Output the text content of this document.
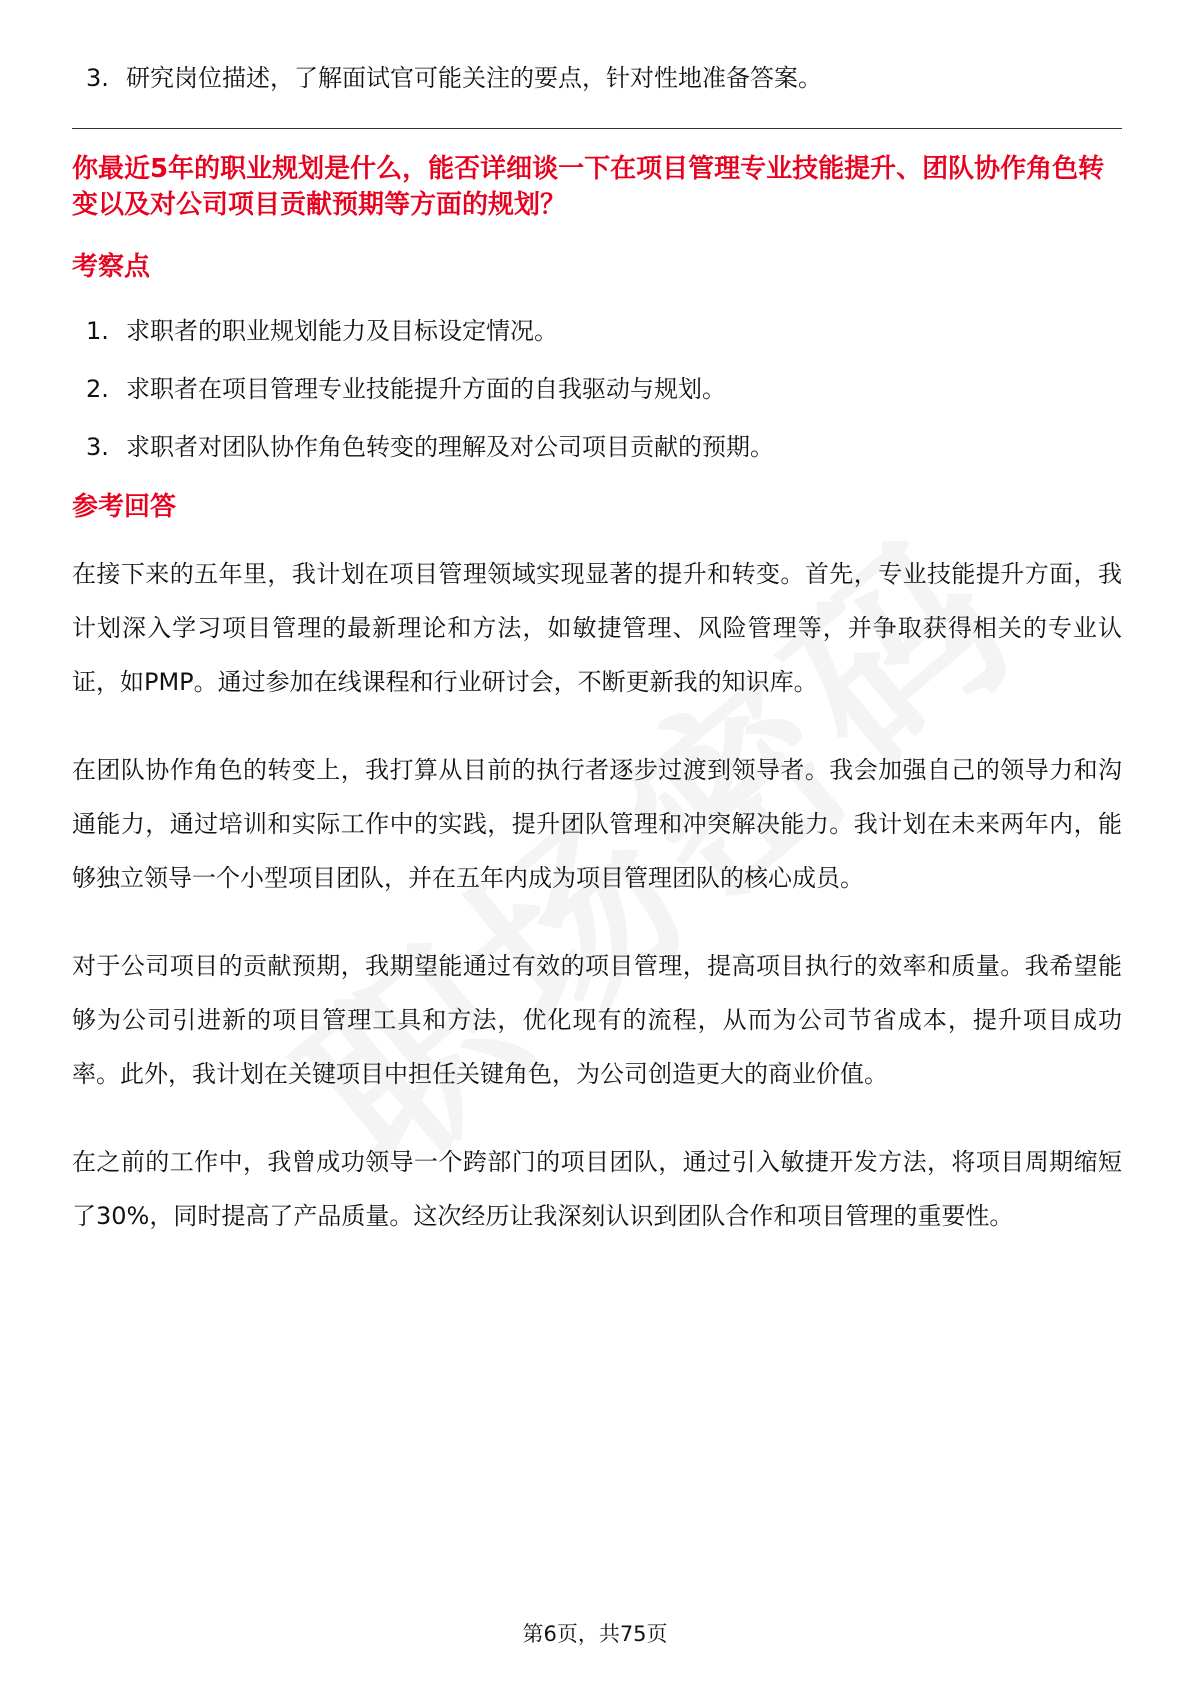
3. 研究岗位描述，了解面试官可能关注的要点，针对性地准备答案。

你最近5年的职业规划是什么，能否详细谈一下在项目管理专业技能提升、团队协作角色转变以及对公司项目贡献预期等方面的规划？

考察点
1. 求职者的职业规划能力及目标设定情况。
2. 求职者在项目管理专业技能提升方面的自我驱动与规划。
3. 求职者对团队协作角色转变的理解及对公司项目贡献的预期。
参考回答

在接下来的五年里，我计划在项目管理领域实现显著的提升和转变。首先，专业技能提升方面，我计划深入学习项目管理的最新理论和方法，如敏捷管理、风险管理等，并争取获得相关的专业认证，如PMP。通过参加在线课程和行业研讨会，不断更新我的知识库。

在团队协作角色的转变上，我打算从目前的执行者逐步过渡到领导者。我会加强自己的领导力和沟通能力，通过培训和实际工作中的实践，提升团队管理和冲突解决能力。我计划在未来两年内，能够独立领导一个小型项目团队，并在五年内成为项目管理团队的核心成员。

对于公司项目的贡献预期，我期望能通过有效的项目管理，提高项目执行的效率和质量。我希望能够为公司引进新的项目管理工具和方法，优化现有的流程，从而为公司节省成本，提升项目成功率。此外，我计划在关键项目中担任关键角色，为公司创造更大的商业价值。

在之前的工作中，我曾成功领导一个跨部门的项目团队，通过引入敏捷开发方法，将项目周期缩短了30%，同时提高了产品质量。这次经历让我深刻认识到团队合作和项目管理的重要性。

第6页，共75页
